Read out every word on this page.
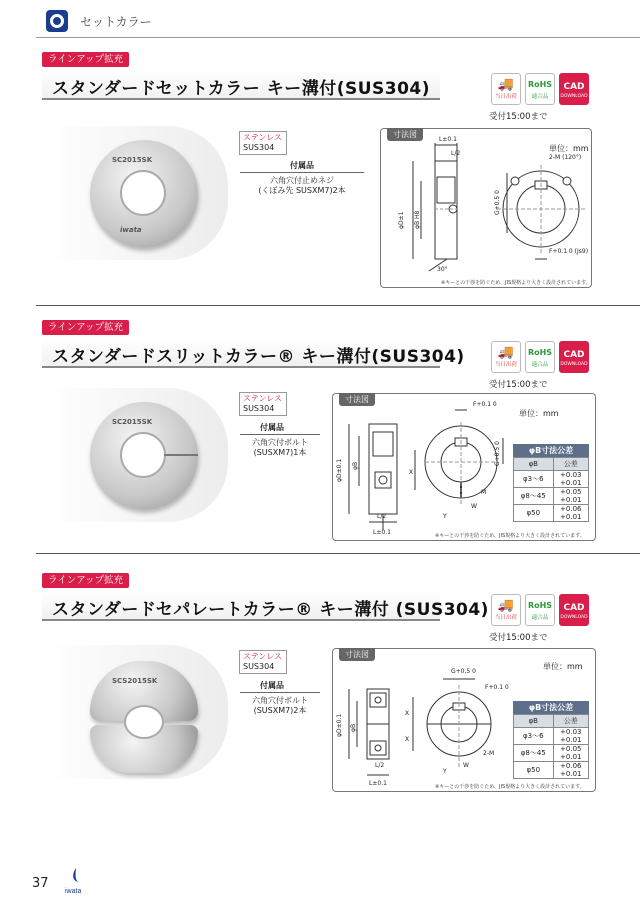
セットカラー
ラインアップ拡充
スタンダードセットカラー キー溝付(SUS304)	🚚
当日出荷
RoHS
適合品
CAD
DOWNLOAD
受付15:00まで
SC2015SK
iwata
ステンレス
SUS304
付属品
六角穴付止めネジ
(くぼみ先 SUSXM7)2本
寸法図
単位：mm
L±0.1
L/2
φD±1 φB H8
G+0.5 0
2-M (120°)
F+0.1 0 (Js9)
30°
※キーとの干渉を防ぐため、JIS規格より大きく設計されています。
ラインアップ拡充
スタンダードスリットカラー® キー溝付(SUS304)	🚚
当日出荷
RoHS
適合品
CAD
DOWNLOAD
受付15:00まで
SC2015SK
ステンレス
SUS304
付属品
六角穴付ボルト
(SUSXM7)1本
寸法図
単位：mm
F+0.1 0
G+0.5 0
φD±0.1 φB
X
M
W
Y
L/2
L±0.1
φB寸法公差
φB	公差
φ3～6	+0.03
+0.01

φ8～45	+0.05
+0.01

φ50	+0.06
+0.01
※キーとの干渉を防ぐため、JIS規格より大きく設計されています。
ラインアップ拡充
スタンダードセパレートカラー® キー溝付 (SUS304) 🚚
当日出荷
RoHS
適合品
CAD
DOWNLOAD
受付15:00まで
SCS2015SK
ステンレス
SUS304
付属品
六角穴付ボルト
(SUSXM7)2本
寸法図
単位：mm
G+0.5 0
F+0.1 0
φD±0.1 φB
X
X
W
Y
2-M
L/2
L±0.1
φB寸法公差
φB	公差
φ3～6	+0.03
+0.01

φ8～45	+0.05
+0.01

φ50	+0.06
+0.01
※キーとの干渉を防ぐため、JIS規格より大きく設計されています。
37
iwata
